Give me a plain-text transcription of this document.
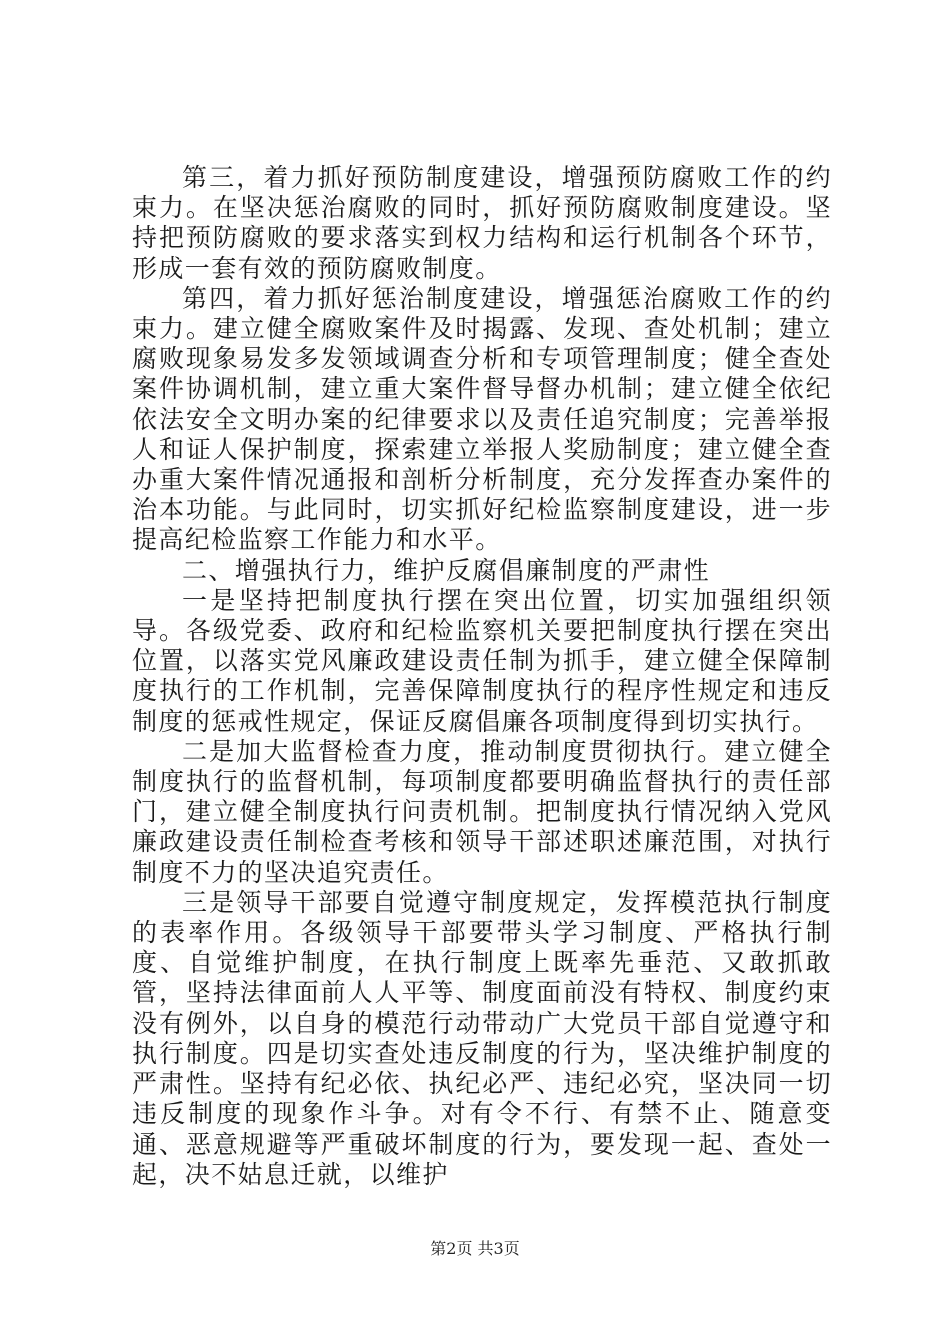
第三，着力抓好预防制度建设，增强预防腐败工作的约束力。在坚决惩治腐败的同时，抓好预防腐败制度建设。坚持把预防腐败的要求落实到权力结构和运行机制各个环节，形成一套有效的预防腐败制度。

第四，着力抓好惩治制度建设，增强惩治腐败工作的约束力。建立健全腐败案件及时揭露、发现、查处机制；建立腐败现象易发多发领域调查分析和专项管理制度；健全查处案件协调机制，建立重大案件督导督办机制；建立健全依纪依法安全文明办案的纪律要求以及责任追究制度；完善举报人和证人保护制度，探索建立举报人奖励制度；建立健全查办重大案件情况通报和剖析分析制度，充分发挥查办案件的治本功能。与此同时，切实抓好纪检监察制度建设，进一步提高纪检监察工作能力和水平。

二、增强执行力，维护反腐倡廉制度的严肃性

一是坚持把制度执行摆在突出位置，切实加强组织领导。各级党委、政府和纪检监察机关要把制度执行摆在突出位置，以落实党风廉政建设责任制为抓手，建立健全保障制度执行的工作机制，完善保障制度执行的程序性规定和违反制度的惩戒性规定，保证反腐倡廉各项制度得到切实执行。

二是加大监督检查力度，推动制度贯彻执行。建立健全制度执行的监督机制，每项制度都要明确监督执行的责任部门，建立健全制度执行问责机制。把制度执行情况纳入党风廉政建设责任制检查考核和领导干部述职述廉范围，对执行制度不力的坚决追究责任。

三是领导干部要自觉遵守制度规定，发挥模范执行制度的表率作用。各级领导干部要带头学习制度、严格执行制度、自觉维护制度，在执行制度上既率先垂范、又敢抓敢管，坚持法律面前人人平等、制度面前没有特权、制度约束没有例外，以自身的模范行动带动广大党员干部自觉遵守和执行制度。四是切实查处违反制度的行为，坚决维护制度的严肃性。坚持有纪必依、执纪必严、违纪必究，坚决同一切违反制度的现象作斗争。对有令不行、有禁不止、随意变通、恶意规避等严重破坏制度的行为，要发现一起、查处一起，决不姑息迁就，以维护

第2页 共3页
